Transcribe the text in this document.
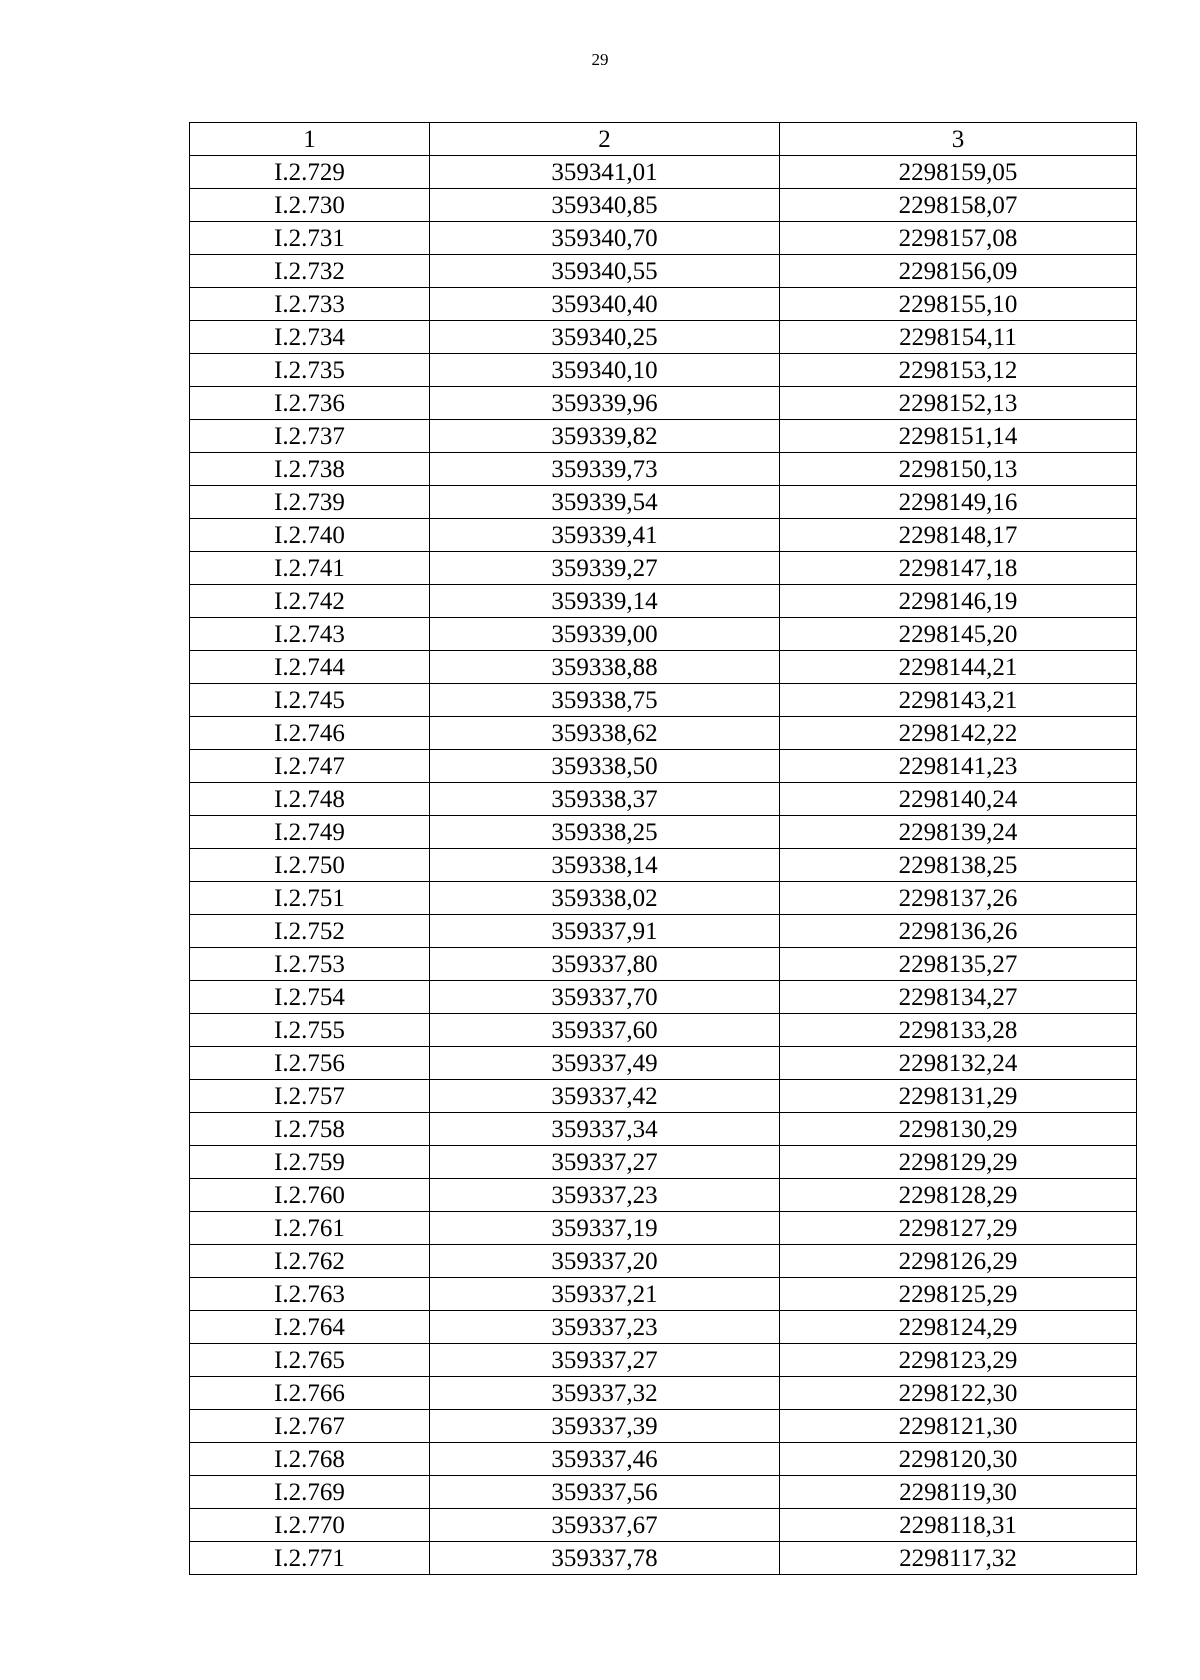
29
1	2	3
I.2.729	359341,01	2298159,05
I.2.730	359340,85	2298158,07
I.2.731	359340,70	2298157,08
I.2.732	359340,55	2298156,09
I.2.733	359340,40	2298155,10
I.2.734	359340,25	2298154,11
I.2.735	359340,10	2298153,12
I.2.736	359339,96	2298152,13
I.2.737	359339,82	2298151,14
I.2.738	359339,73	2298150,13
I.2.739	359339,54	2298149,16
I.2.740	359339,41	2298148,17
I.2.741	359339,27	2298147,18
I.2.742	359339,14	2298146,19
I.2.743	359339,00	2298145,20
I.2.744	359338,88	2298144,21
I.2.745	359338,75	2298143,21
I.2.746	359338,62	2298142,22
I.2.747	359338,50	2298141,23
I.2.748	359338,37	2298140,24
I.2.749	359338,25	2298139,24
I.2.750	359338,14	2298138,25
I.2.751	359338,02	2298137,26
I.2.752	359337,91	2298136,26
I.2.753	359337,80	2298135,27
I.2.754	359337,70	2298134,27
I.2.755	359337,60	2298133,28
I.2.756	359337,49	2298132,24
I.2.757	359337,42	2298131,29
I.2.758	359337,34	2298130,29
I.2.759	359337,27	2298129,29
I.2.760	359337,23	2298128,29
I.2.761	359337,19	2298127,29
I.2.762	359337,20	2298126,29
I.2.763	359337,21	2298125,29
I.2.764	359337,23	2298124,29
I.2.765	359337,27	2298123,29
I.2.766	359337,32	2298122,30
I.2.767	359337,39	2298121,30
I.2.768	359337,46	2298120,30
I.2.769	359337,56	2298119,30
I.2.770	359337,67	2298118,31
I.2.771	359337,78	2298117,32
